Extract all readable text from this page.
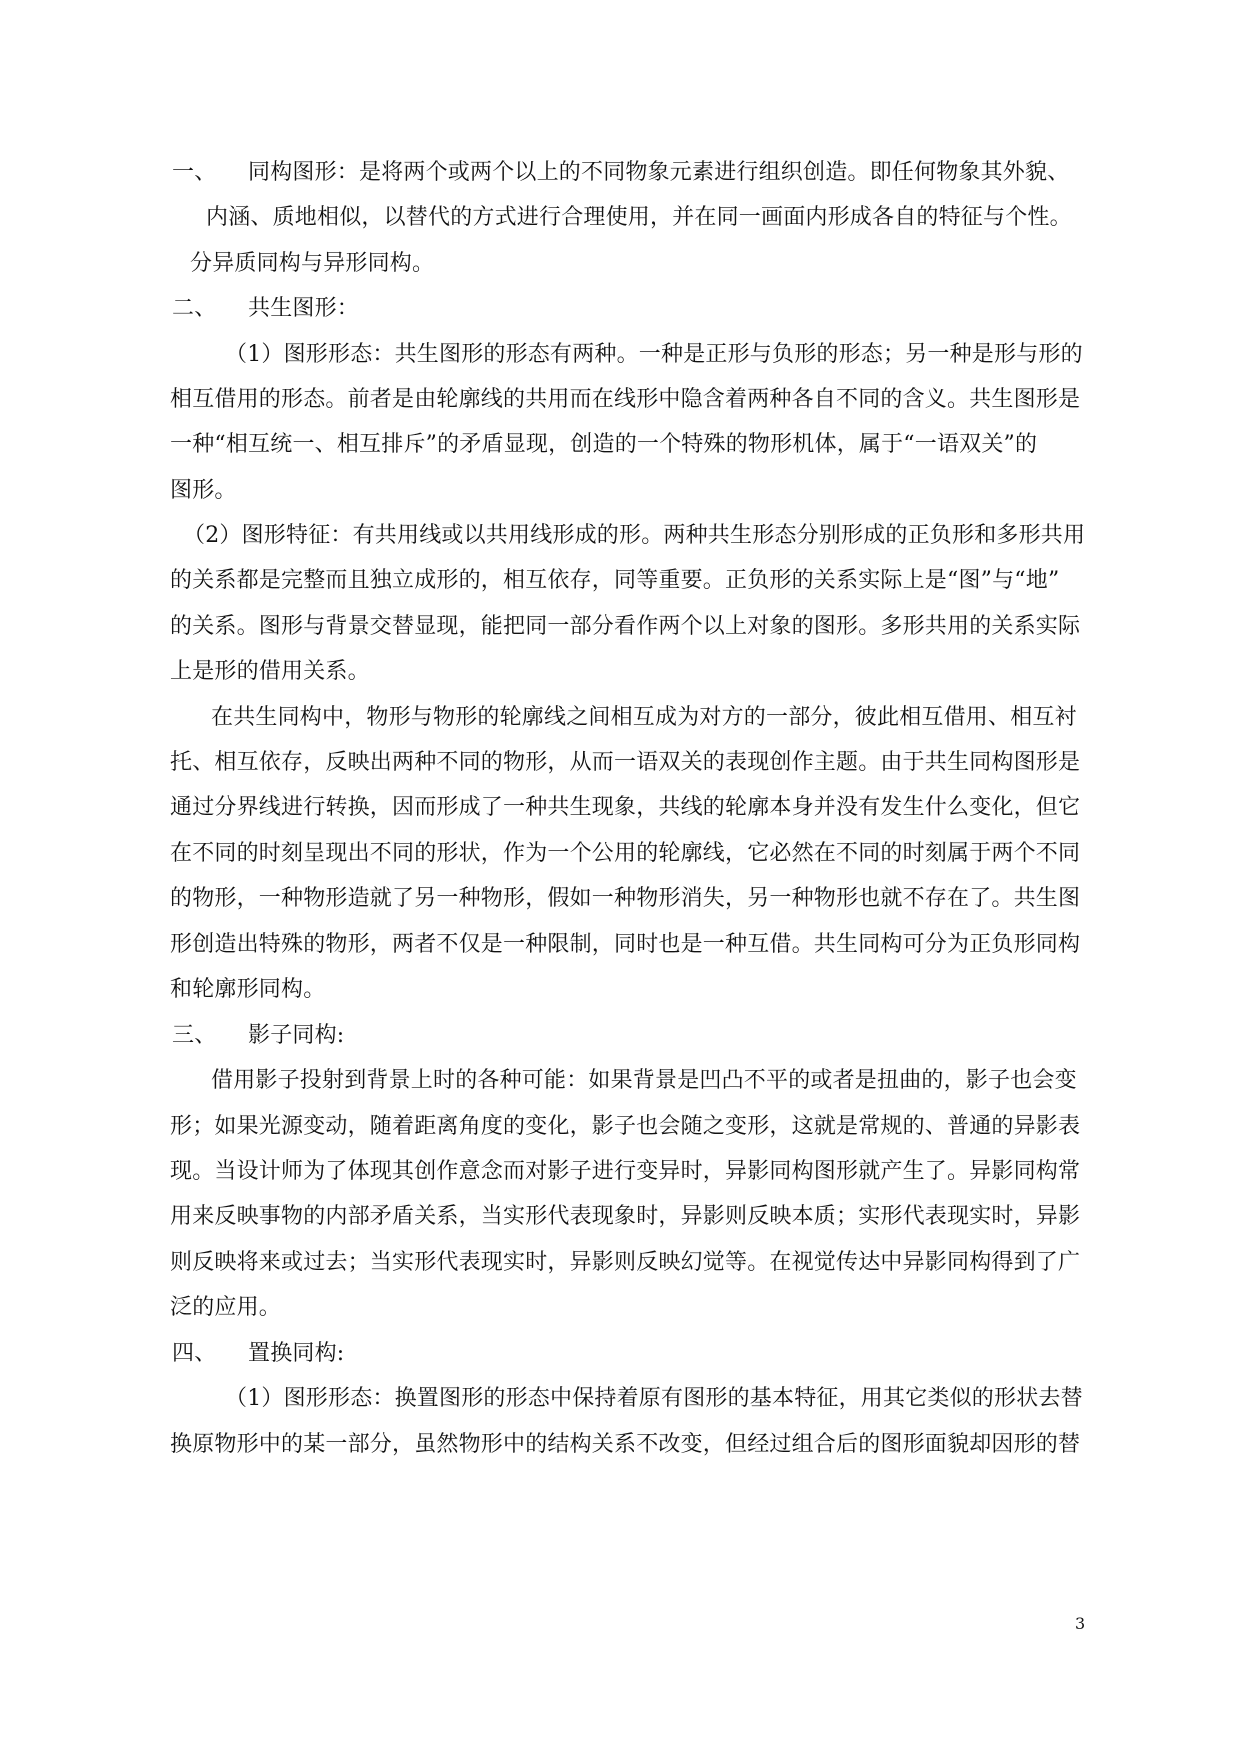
一、 同构图形：是将两个或两个以上的不同物象元素进行组织创造。即任何物象其外貌、
内涵、质地相似，以替代的方式进行合理使用，并在同一画面内形成各自的特征与个性。
分异质同构与异形同构。
二、 共生图形：
（1）图形形态：共生图形的形态有两种。一种是正形与负形的形态；另一种是形与形的
相互借用的形态。前者是由轮廓线的共用而在线形中隐含着两种各自不同的含义。共生图形是
一种“相互统一、相互排斥”的矛盾显现，创造的一个特殊的物形机体，属于“一语双关”的
图形。
（2）图形特征：有共用线或以共用线形成的形。两种共生形态分别形成的正负形和多形共用
的关系都是完整而且独立成形的，相互依存，同等重要。正负形的关系实际上是“图”与“地”
的关系。图形与背景交替显现，能把同一部分看作两个以上对象的图形。多形共用的关系实际
上是形的借用关系。
在共生同构中，物形与物形的轮廓线之间相互成为对方的一部分，彼此相互借用、相互衬
托、相互依存，反映出两种不同的物形，从而一语双关的表现创作主题。由于共生同构图形是
通过分界线进行转换，因而形成了一种共生现象，共线的轮廓本身并没有发生什么变化，但它
在不同的时刻呈现出不同的形状，作为一个公用的轮廓线，它必然在不同的时刻属于两个不同
的物形，一种物形造就了另一种物形，假如一种物形消失，另一种物形也就不存在了。共生图
形创造出特殊的物形，两者不仅是一种限制，同时也是一种互借。共生同构可分为正负形同构
和轮廓形同构。
三、 影子同构:
借用影子投射到背景上时的各种可能：如果背景是凹凸不平的或者是扭曲的，影子也会变
形；如果光源变动，随着距离角度的变化，影子也会随之变形，这就是常规的、普通的异影表
现。当设计师为了体现其创作意念而对影子进行变异时，异影同构图形就产生了。异影同构常
用来反映事物的内部矛盾关系，当实形代表现象时，异影则反映本质；实形代表现实时，异影
则反映将来或过去；当实形代表现实时，异影则反映幻觉等。在视觉传达中异影同构得到了广
泛的应用。
四、 置换同构:
（1）图形形态：换置图形的形态中保持着原有图形的基本特征，用其它类似的形状去替
换原物形中的某一部分，虽然物形中的结构关系不改变，但经过组合后的图形面貌却因形的替
3
